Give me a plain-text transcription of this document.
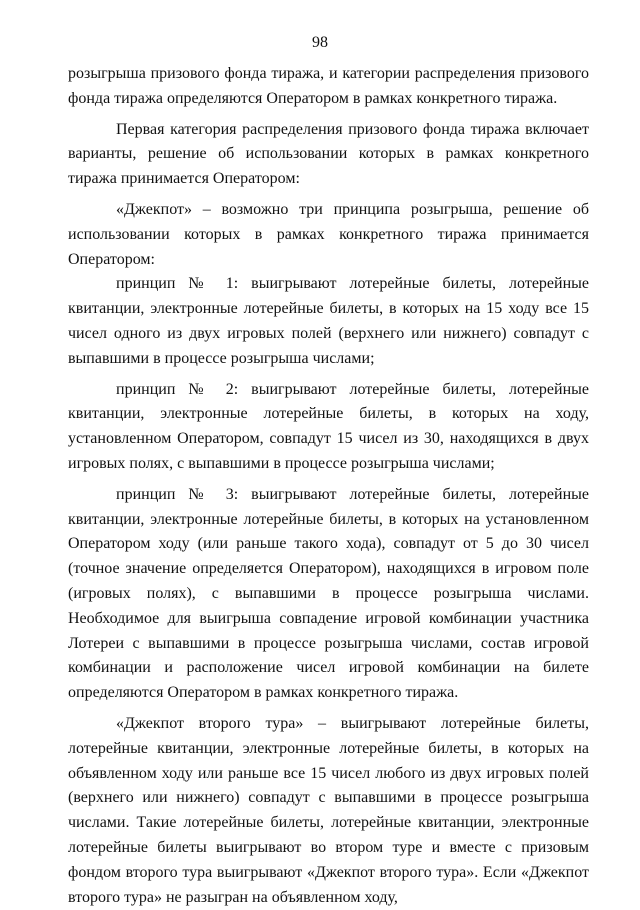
98

розыгрыша призового фонда тиража, и категории распределения призового фонда тиража определяются Оператором в рамках конкретного тиража.

Первая категория распределения призового фонда тиража включает варианты, решение об использовании которых в рамках конкретного тиража принимается Оператором:

«Джекпот» – возможно три принципа розыгрыша, решение об использовании которых в рамках конкретного тиража принимается Оператором:

принцип № 1: выигрывают лотерейные билеты, лотерейные квитанции, электронные лотерейные билеты, в которых на 15 ходу все 15 чисел одного из двух игровых полей (верхнего или нижнего) совпадут с выпавшими в процессе розыгрыша числами;

принцип № 2: выигрывают лотерейные билеты, лотерейные квитанции, электронные лотерейные билеты, в которых на ходу, установленном Оператором, совпадут 15 чисел из 30, находящихся в двух игровых полях, с выпавшими в процессе розыгрыша числами;

принцип № 3: выигрывают лотерейные билеты, лотерейные квитанции, электронные лотерейные билеты, в которых на установленном Оператором ходу (или раньше такого хода), совпадут от 5 до 30 чисел (точное значение определяется Оператором), находящихся в игровом поле (игровых полях), с выпавшими в процессе розыгрыша числами. Необходимое для выигрыша совпадение игровой комбинации участника Лотереи с выпавшими в процессе розыгрыша числами, состав игровой комбинации и расположение чисел игровой комбинации на билете определяются Оператором в рамках конкретного тиража.

«Джекпот второго тура» – выигрывают лотерейные билеты, лотерейные квитанции, электронные лотерейные билеты, в которых на объявленном ходу или раньше все 15 чисел любого из двух игровых полей (верхнего или нижнего) совпадут с выпавшими в процессе розыгрыша числами. Такие лотерейные билеты, лотерейные квитанции, электронные лотерейные билеты выигрывают во втором туре и вместе с призовым фондом второго тура выигрывают «Джекпот второго тура». Если «Джекпот второго тура» не разыгран на объявленном ходу,
